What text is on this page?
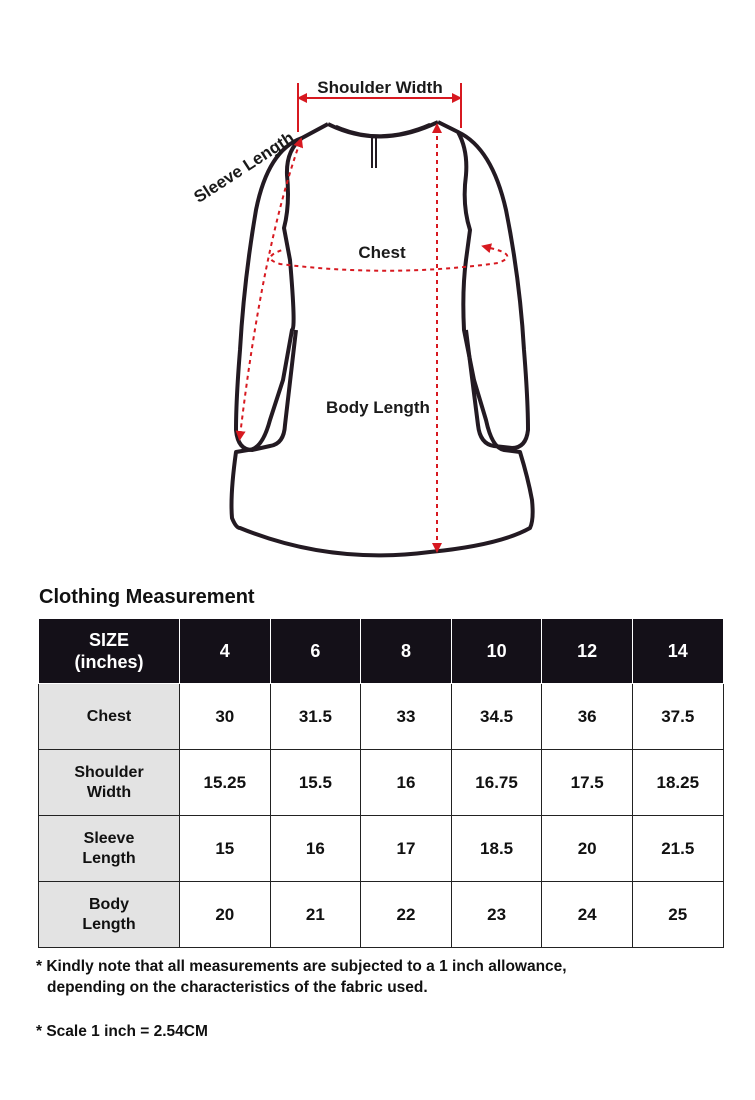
Shoulder Width
Sleeve Length
Chest
Body Length
Clothing Measurement
SIZE
(inches)	4	6	8	10	12	14
Chest	30	31.5	33	34.5	36	37.5
Shoulder
Width	15.25	15.5	16	16.75	17.5	18.25
Sleeve
Length	15	16	17	18.5	20	21.5
Body
Length	20	21	22	23	24	25

* Kindly note that all measurements are subjected to a 1 inch allowance,
depending on the characteristics of the fabric used.

* Scale 1 inch = 2.54CM
